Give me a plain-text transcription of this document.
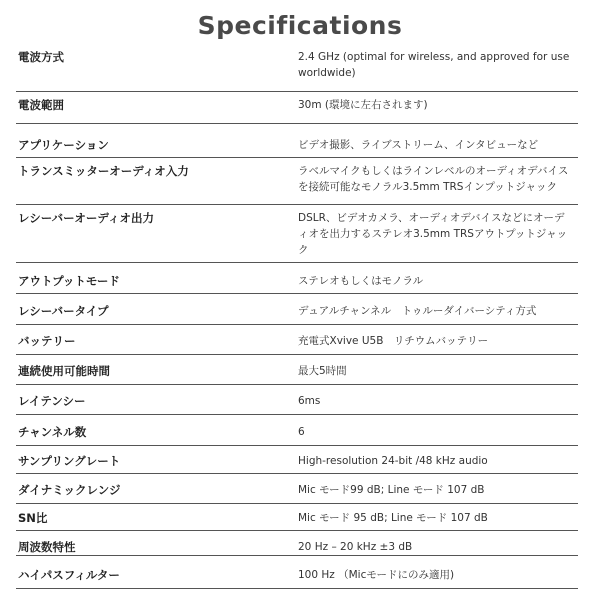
Specifications
電波方式	2.4 GHz (optimal for wireless, and approved for use worldwide)
電波範囲	30m (環境に左右されます)
アプリケーション	ビデオ撮影、ライブストリーム、インタビューなど
トランスミッターオーディオ入力	ラベルマイクもしくはラインレベルのオーディオデバイスを接続可能なモノラル3.5mm TRSインプットジャック
レシーバーオーディオ出力	DSLR、ビデオカメラ、オーディオデバイスなどにオーディオを出力するステレオ3.5mm TRSアウトプットジャック
アウトプットモード	ステレオもしくはモノラル
レシーバータイプ	デュアルチャンネル　トゥルーダイバーシティ方式
バッテリー	充電式Xvive U5B　リチウムバッテリー
連続使用可能時間	最大5時間
レイテンシー	6ms
チャンネル数	6
サンプリングレート	High-resolution 24-bit /48 kHz audio
ダイナミックレンジ	Mic モード99 dB; Line モード 107 dB
SN比	Mic モード 95 dB; Line モード 107 dB
周波数特性	20 Hz – 20 kHz ±3 dB
ハイパスフィルター	100 Hz （Micモードにのみ適用)
